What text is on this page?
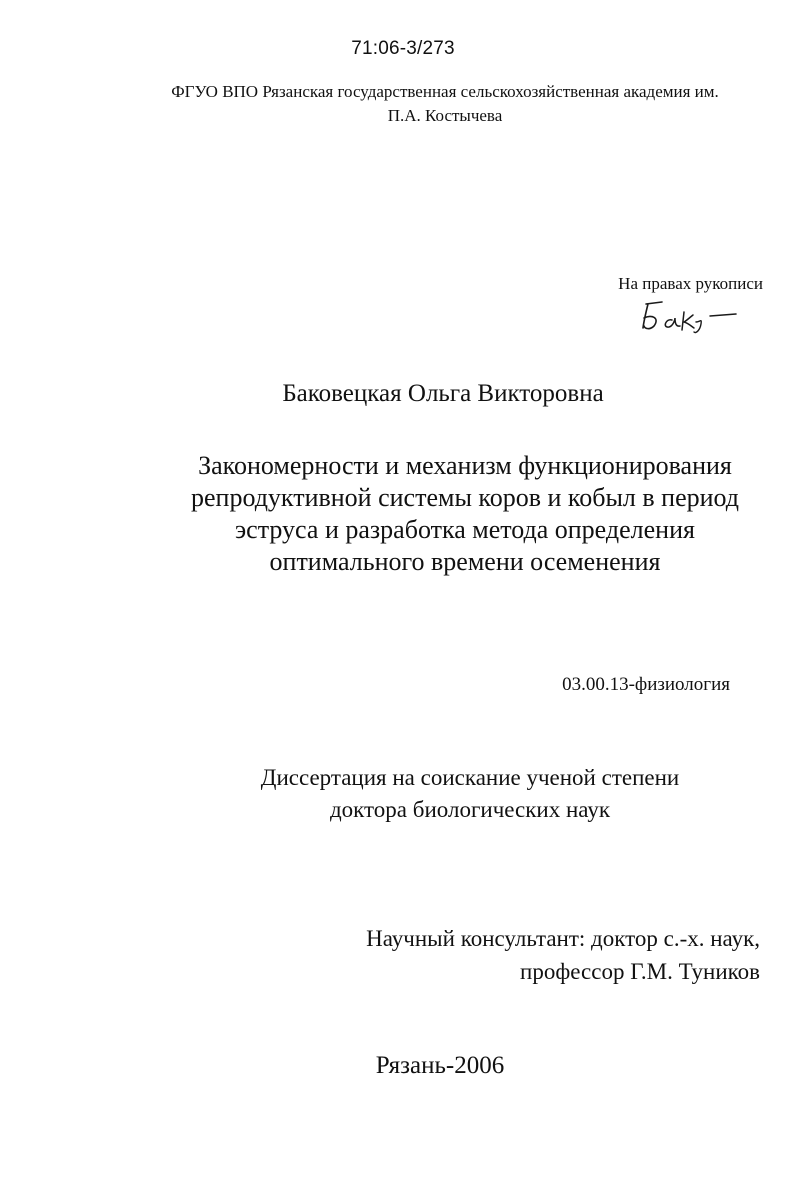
71:06-3/273
ФГУО ВПО Рязанская государственная сельскохозяйственная академия им.
П.А. Костычева
На правах рукописи
Баковецкая Ольга Викторовна
Закономерности и механизм функционирования
репродуктивной системы коров и кобыл в период
эструса и разработка метода определения
оптимального времени осеменения
03.00.13-физиология
Диссертация на соискание ученой степени
доктора биологических наук
Научный консультант: доктор с.-х. наук,
профессор Г.М. Туников
Рязань-2006
